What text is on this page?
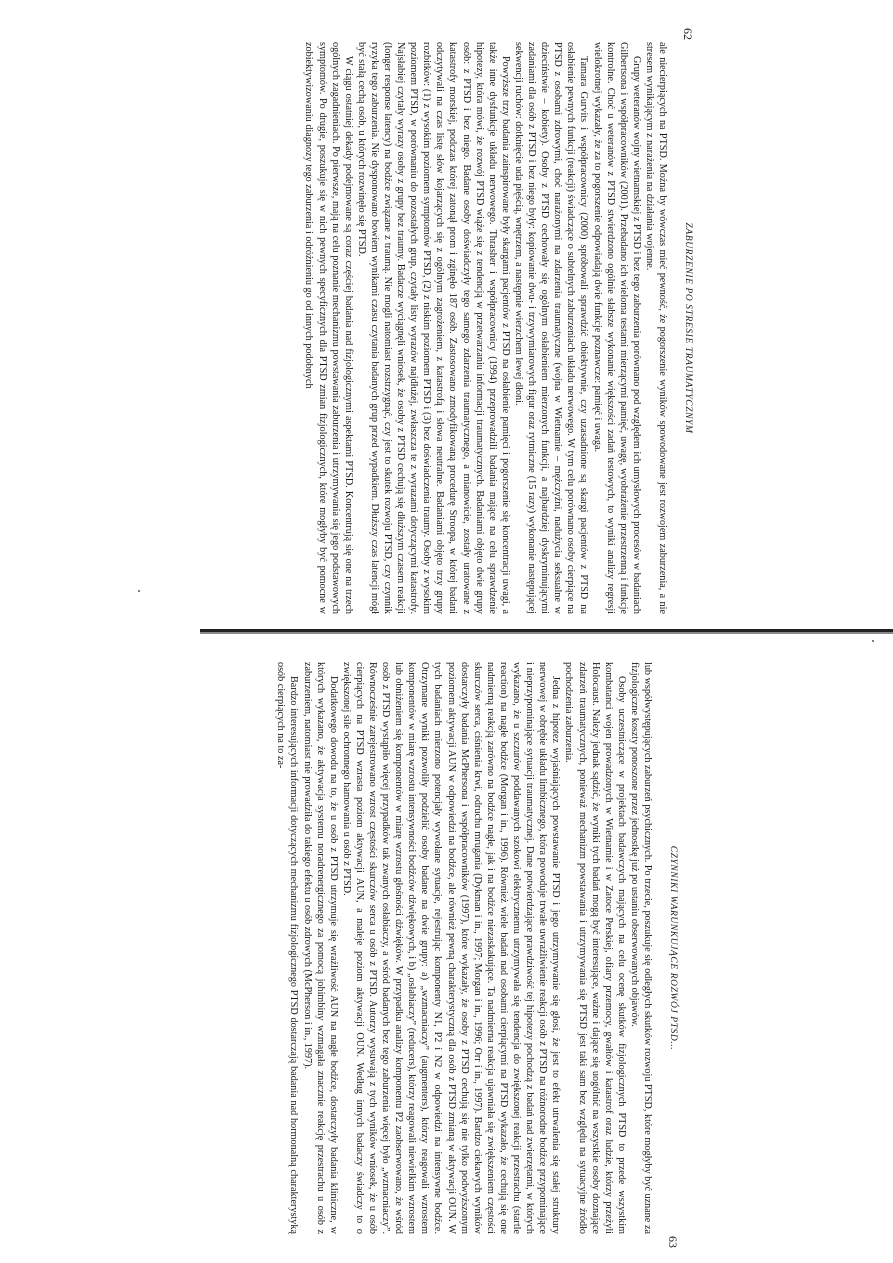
62
ZABURZENIE PO STRESIE TRAUMATYCZNYM

ale niecierpiących na PTSD. Można by wówczas mieć pewność, że pogorszenie wyników spowodowane jest rozwojem zaburzenia, a nie stresem wynikającym z narażenia na działania wojenne.

Grupy weteranów wojny wietnamskiej z PTSD i bez tego zaburzenia porównano pod względem ich umysłowych procesów w badaniach Gilbertsona i współpracowników (2001). Przebadano ich wieloma testami mierzącymi pamięć, uwagę, wyobrażenie przestrzenną i funkcje kontrolne. Choć u weteranów z PTSD stwierdzono ogólnie słabsze wykonanie większości zadań testowych, to wyniki analizy regresji wielokrotnej wykazały, że za to pogorszenie odpowiadają dwie funkcje poznawcze: pamięć i uwaga.

Tamara Gurvits i współpracownicy (2000) spróbowali sprawdzić obiektywnie, czy uzasadnione są skargi pacjentów z PTSD na osłabienie pewnych funkcji (reakcji) świadczące o subtelnych zaburzeniach układu nerwowego. W tym celu porównano osoby cierpiące na PTSD z osobami zdrowymi, choć narażonymi na zdarzenia traumatyczne (wojna w Wietnamie – mężczyźni, nadużycia seksualne w dzieciństwie – kobiety). Osoby z PTSD cechowały się ogólnym osłabieniem mierzonych funkcji, a najbardziej dyskryminującymi zadaniami dla osób z PTSD i bez niego były: kopiowanie dwu- i trzywymiarowych figur oraz rytmiczne (15 razy) wykonanie następującej sekwencji ruchów: dotknięcie uda pięścią, wnętrzem, a następnie wierzchem lewej dłoni.

Powyższe trzy badania zainspirowane były skargami pacjentów z PTSD na osłabienie pamięci i pogorszenie się koncentracji uwagi, a także inne dysfunkcje układu nerwowego. Thrasher i współpracownicy (1994) przeprowadzili badania mające na celu sprawdzenie hipotezy, która mówi, że rozwój PTSD wiąże się z tendencją w przetwarzaniu informacji traumatycznych. Badaniami objęto dwie grupy osób: z PTSD i bez niego. Badane osoby doświadczyły tego samego zdarzenia traumatycznego, a mianowicie, zostały uratowane z katastrofy morskiej, podczas której zatonął prom i zginęło 187 osób. Zastosowano zmodyfikowaną procedurę Stroopa, w której badani odczytywali na czas listę słów kojarzących się z ogólnym zagrożeniem, z katastrofą i słowa neutralne. Badaniami objęto trzy grupy rozbitków: (1) z wysokim poziomem symptomów PTSD, (2) z niskim poziomem PTSD i (3) bez doświadczenia traumy. Osoby z wysokim poziomem PTSD, w porównaniu do pozostałych grup, czytały listy wyrazów najdłużej, zwłaszcza te z wyrazami dotyczącymi katastrofy. Najsłabiej czytały wyrazy osoby z grupy bez traumy. Badacze wyciągnęli wniosek, że osoby z PTSD cechują się dłuższym czasem reakcji (longer response latency) na bodźce związane z traumą. Nie mogli natomiast rozstrzygnąć, czy jest to skutek rozwoju PTSD, czy czynnik ryzyka tego zaburzenia. Nie dysponowano bowiem wynikami czasu czytania badanych grup przed wypadkiem. Dłuższy czas latencji mógł być stałą cechą osób, u których rozwinęło się PTSD.

W ciągu ostatniej dekady podejmowane są coraz częściej badania nad fizjologicznymi aspektami PTSD. Koncentrują się one na trzech ogólnych zagadnieniach. Po pierwsze, mają na celu poznanie mechanizmu powstawania zaburzenia i utrzymywania się jego podstawowych symptomów. Po drugie, poszukuje się w nich pewnych specyficznych dla PTSD zmian fizjologicznych, które mogłyby być pomocne w zobiektywizowaniu diagnozy tego zaburzenia i odróżnieniu go od innych podobnych

63
CZYNNIKI WARUNKUJĄCE ROZWÓJ PTSD...

lub współwystępujących zaburzeń psychicznych. Po trzecie, poszukuje się odległych skutków rozwoju PTSD, które mogłyby być uznane za fizjologiczne koszty ponoszone przez jednostkę już po ustaniu obserwowanych objawów.

Osoby uczestniczące w projektach badawczych mających na celu ocenę skutków fizjologicznych PTSD to przede wszystkim kombatanci wojen prowadzonych w Wietnamie i w Zatoce Perskiej, ofiary przemocy, gwałtów i katastrof oraz ludzie, którzy przeżyli Holocaust. Należy jednak sądzić, że wyniki tych badań mogą być interesujące, ważne i dające się uogólnić na wszystkie osoby doznające zdarzeń traumatycznych, ponieważ mechanizm powstawania i utrzymywania się PTSD jest taki sam bez względu na sytuacyjne źródło pochodzenia zaburzenia.

Jedna z hipotez wyjaśniających powstawanie PTSD i jego utrzymywanie się głosi, że jest to efekt utrwalenia się stałej struktury nerwowej w obrębie układu limbicznego, która powoduje trwałe uwrażliwienie reakcji osób z PTSD na różnorodne bodźce przypominające i nieprzypominające sytuacji traumatycznej. Dane potwierdzające prawdziwość tej hipotezy pochodzą z badań nad zwierzętami, w których wykazano, że u szczurów poddawanych szokowi elektrycznemu utrzymywała się tendencja do zwiększonej reakcji przestrachu (startle reaction) na nagłe bodźce (Morgan i in., 1996). Również wiele badań nad osobami cierpiącymi na PTSD wykazało, że cechują się one nadmierną reakcją zarówno na bodźce nagłe, jak i na bodźce niezaskakujące. Ta nadmierna reakcja ujawniała się zwiększeniem częstości skurczów serca, ciśnienia krwi, odruchu mrugania (Dykman i in., 1997; Morgan i in., 1996; Orr i in., 1997). Bardzo ciekawych wyników dostarczyły badania McPhersona i współpracowników (1997), które wykazały, że osoby z PTSD cechują się nie tylko podwyższonym poziomem aktywacji AUN w odpowiedzi na bodźce, ale również pewną charakterystyczną dla osób z PTSD zmianą w aktywacji OUN. W tych badaniach mierzono potencjały wywołane sytuacje, rejestrując komponenty N1, P2 i N2 w odpowiedzi na intensywne bodźce. Otrzymane wyniki pozwoliły podzielić osoby badane na dwie grupy: a) „wzmacniaczy” (augmenters), którzy reagowali wzrostem komponentów w miarę wzrostu intensywności bodźców dźwiękowych, i b) „osłabiaczy” (reducers), którzy reagowali niewielkim wzrostem lub obniżeniem się komponentów w miarę wzrostu głośności dźwięków. W przypadku analizy komponentu P2 zaobserwowano, że wśród osób z PTSD wystąpiło więcej przypadków tak zwanych osłabiaczy, a wśród badanych bez tego zaburzenia więcej było „wzmacniaczy”. Równocześnie zarejestrowano wzrost częstości skurczów serca u osób z PTSD. Autorzy wysuwają z tych wyników wniosek, że u osób cierpiących na PTSD wzrasta poziom aktywacji AUN, a maleje poziom aktywacji OUN. Według innych badaczy świadczy to o zwiększonej sile ochronnego hamowania u osób z PTSD.

Dodatkowego dowodu na to, że u osób z PTSD utrzymuje się wrażliwość AUN na nagłe bodźce, dostarczyły badania kliniczne, w których wykazano, że aktywacja systemu noradrenergicznego za pomocą johimbiny wzmagała znacznie reakcję przestrachu u osób z zaburzeniem, natomiast nie prowadziła do takiego efektu u osób zdrowych (McPherson i in., 1997).

Bardzo interesujących informacji dotyczących mechanizmu fizjologicznego PTSD dostarczają badania nad hormonalną charakterystyką osób cierpiących na to za-
